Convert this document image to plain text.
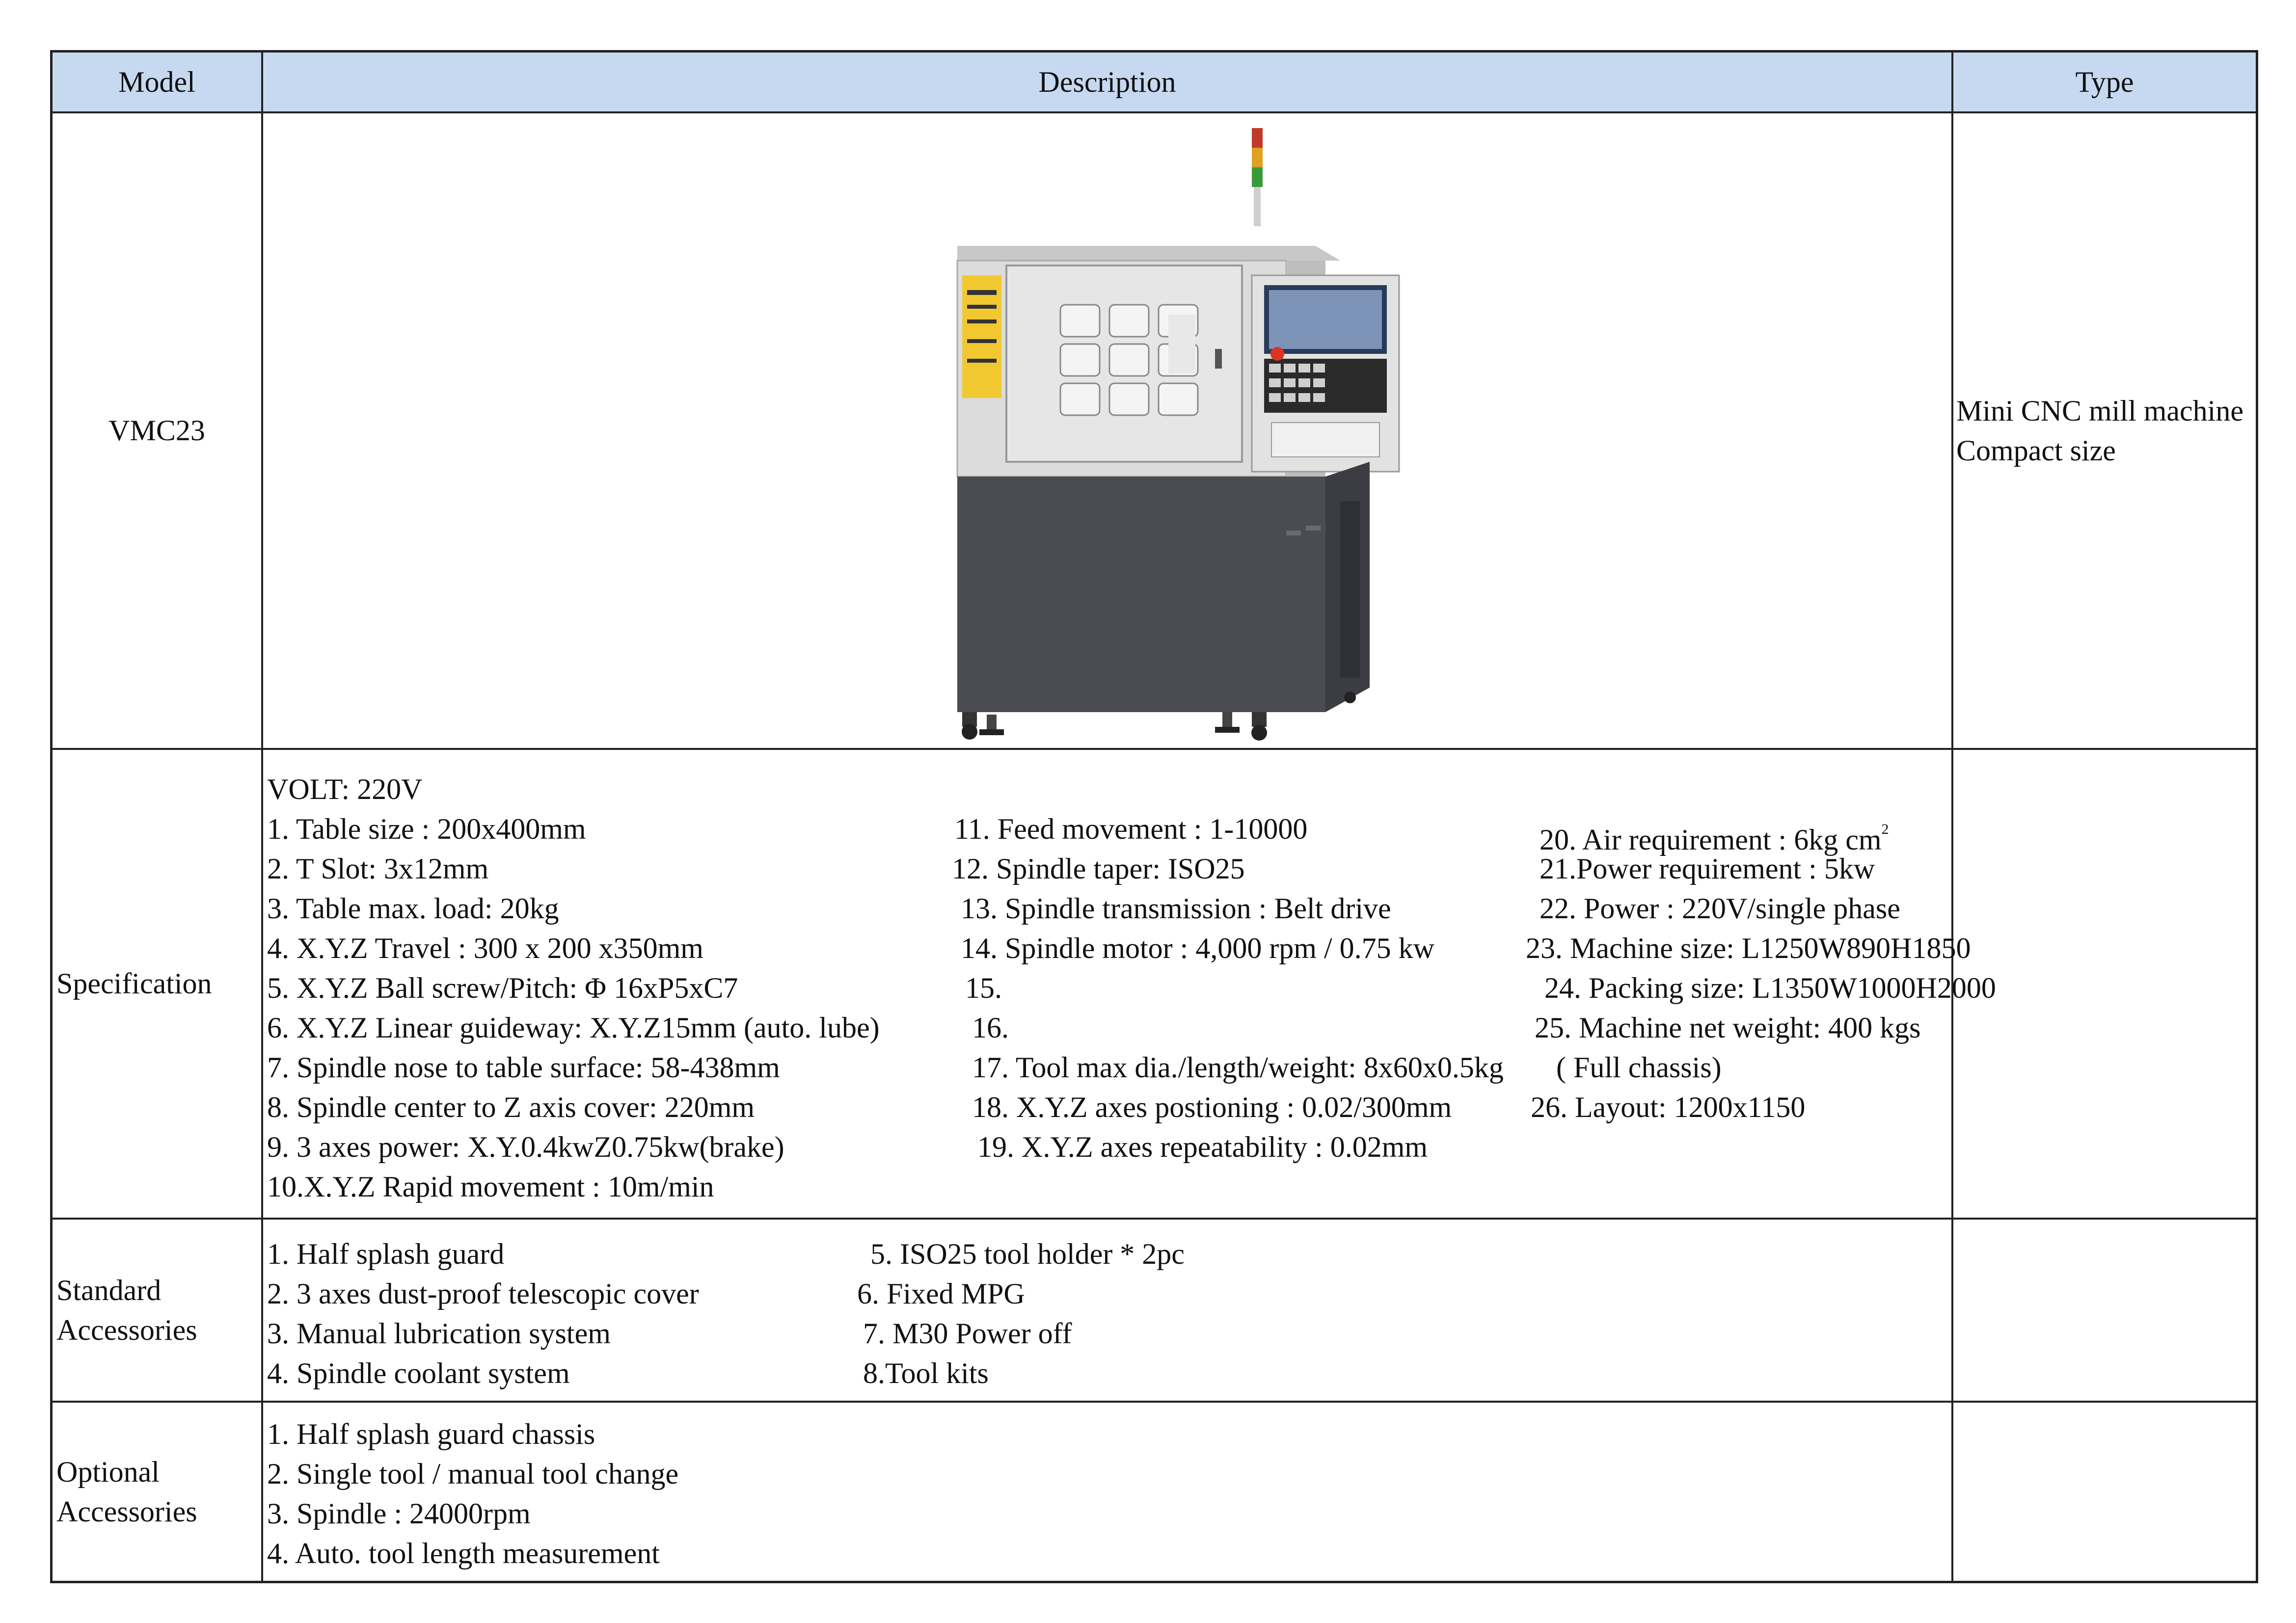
Model	Description	Type
VMC23
Mini CNC mill machine
Compact size
Specification
VOLT: 220V
1. Table size : 200x400mm
2. T Slot: 3x12mm
3. Table max. load: 20kg
4. X.Y.Z Travel : 300 x 200 x350mm
5. X.Y.Z Ball screw/Pitch: Φ 16xP5xC7
6. X.Y.Z Linear guideway: X.Y.Z15mm (auto. lube)
7. Spindle nose to table surface: 58-438mm
8. Spindle center to Z axis cover: 220mm
9. 3 axes power: X.Y.0.4kwZ0.75kw(brake)
10.X.Y.Z Rapid movement : 10m/min
11. Feed movement : 1-10000
12. Spindle taper: ISO25
13. Spindle transmission : Belt drive
14. Spindle motor : 4,000 rpm / 0.75 kw
15.
16.
17. Tool max dia./length/weight: 8x60x0.5kg
18. X.Y.Z axes postioning : 0.02/300mm
19. X.Y.Z axes repeatability : 0.02mm
20. Air requirement : 6kg $cm^2$
21.Power requirement : 5kw
22. Power : 220V/single phase
23. Machine size: L1250W890H1850
24. Packing size: L1350W1000H2000
25. Machine net weight: 400 kgs
( Full chassis)
26. Layout: 1200x1150
Standard
Accessories
1. Half splash guard
2. 3 axes dust-proof telescopic cover
3. Manual lubrication system
4. Spindle coolant system
5. ISO25 tool holder * 2pc
6. Fixed MPG
7. M30 Power off
8.Tool kits
Optional
Accessories
1. Half splash guard chassis
2. Single tool / manual tool change
3. Spindle : 24000rpm
4. Auto. tool length measurement
